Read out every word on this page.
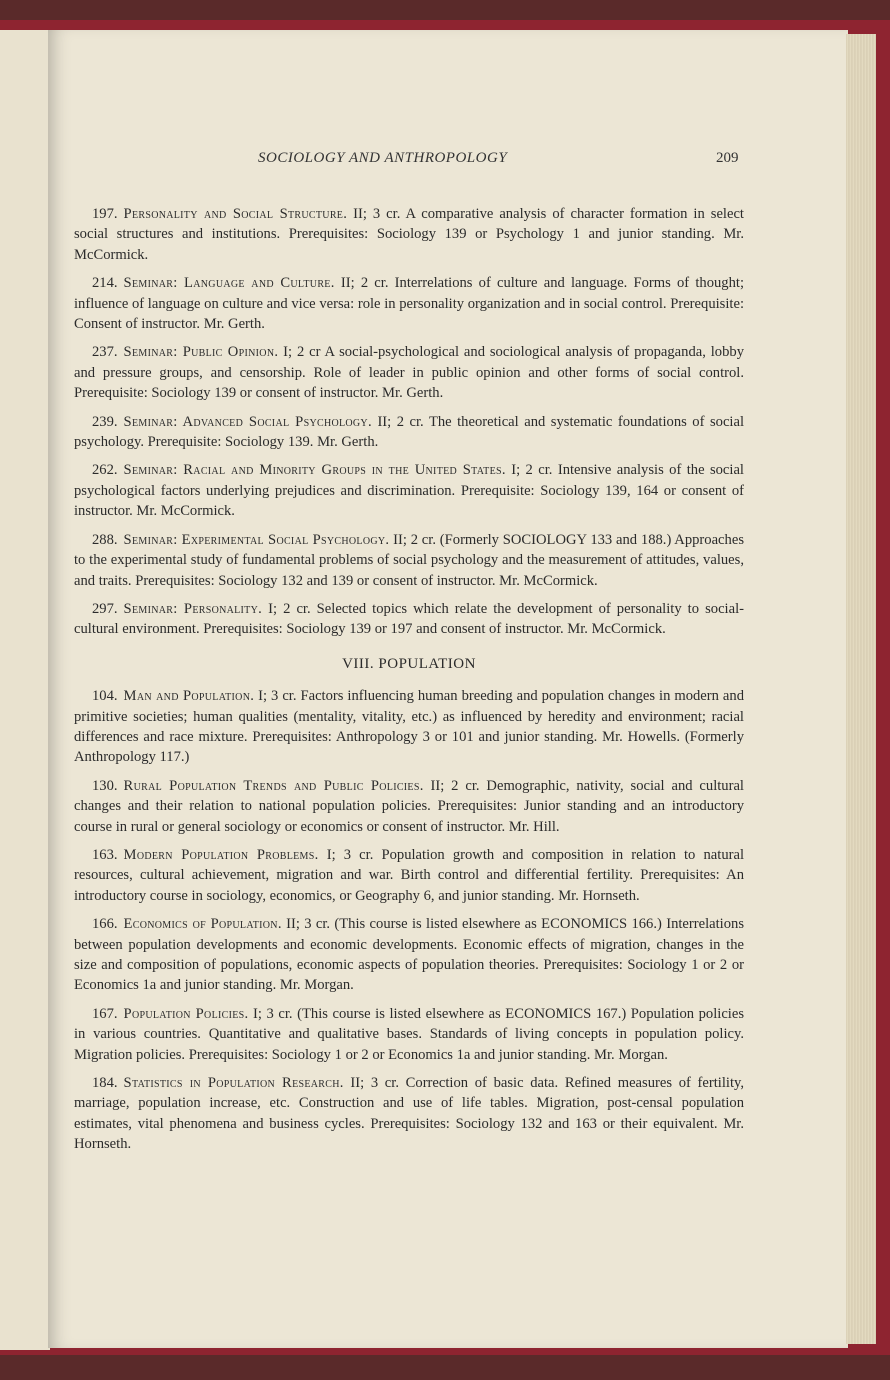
SOCIOLOGY AND ANTHROPOLOGY	209

197. Personality and Social Structure. II; 3 cr. A comparative analysis of character formation in select social structures and institutions. Prerequisites: Sociology 139 or Psychology 1 and junior standing. Mr. McCormick.

214. Seminar: Language and Culture. II; 2 cr. Interrelations of culture and language. Forms of thought; influence of language on culture and vice versa: role in personality organization and in social control. Prerequisite: Consent of instructor. Mr. Gerth.

237. Seminar: Public Opinion. I; 2 cr A social-psychological and sociological analysis of propaganda, lobby and pressure groups, and censorship. Role of leader in public opinion and other forms of social control. Prerequisite: Sociology 139 or consent of instructor. Mr. Gerth.

239. Seminar: Advanced Social Psychology. II; 2 cr. The theoretical and systematic foundations of social psychology. Prerequisite: Sociology 139. Mr. Gerth.

262. Seminar: Racial and Minority Groups in the United States. I; 2 cr. Intensive analysis of the social psychological factors underlying prejudices and discrimination. Prerequisite: Sociology 139, 164 or consent of instructor. Mr. McCormick.

288. Seminar: Experimental Social Psychology. II; 2 cr. (Formerly SOCIOLOGY 133 and 188.) Approaches to the experimental study of fundamental problems of social psychology and the measurement of attitudes, values, and traits. Prerequisites: Sociology 132 and 139 or consent of instructor. Mr. McCormick.

297. Seminar: Personality. I; 2 cr. Selected topics which relate the development of personality to social-cultural environment. Prerequisites: Sociology 139 or 197 and consent of instructor. Mr. McCormick.

VIII. POPULATION

104. Man and Population. I; 3 cr. Factors influencing human breeding and population changes in modern and primitive societies; human qualities (mentality, vitality, etc.) as influenced by heredity and environment; racial differences and race mixture. Prerequisites: Anthropology 3 or 101 and junior standing. Mr. Howells. (Formerly Anthropology 117.)

130. Rural Population Trends and Public Policies. II; 2 cr. Demographic, nativity, social and cultural changes and their relation to national population policies. Prerequisites: Junior standing and an introductory course in rural or general sociology or economics or consent of instructor. Mr. Hill.

163. Modern Population Problems. I; 3 cr. Population growth and composition in relation to natural resources, cultural achievement, migration and war. Birth control and differential fertility. Prerequisites: An introductory course in sociology, economics, or Geography 6, and junior standing. Mr. Hornseth.

166. Economics of Population. II; 3 cr. (This course is listed elsewhere as ECONOMICS 166.) Interrelations between population developments and economic developments. Economic effects of migration, changes in the size and composition of populations, economic aspects of population theories. Prerequisites: Sociology 1 or 2 or Economics 1a and junior standing. Mr. Morgan.

167. Population Policies. I; 3 cr. (This course is listed elsewhere as ECONOMICS 167.) Population policies in various countries. Quantitative and qualitative bases. Standards of living concepts in population policy. Migration policies. Prerequisites: Sociology 1 or 2 or Economics 1a and junior standing. Mr. Morgan.

184. Statistics in Population Research. II; 3 cr. Correction of basic data. Refined measures of fertility, marriage, population increase, etc. Construction and use of life tables. Migration, post-censal population estimates, vital phenomena and business cycles. Prerequisites: Sociology 132 and 163 or their equivalent. Mr. Hornseth.
